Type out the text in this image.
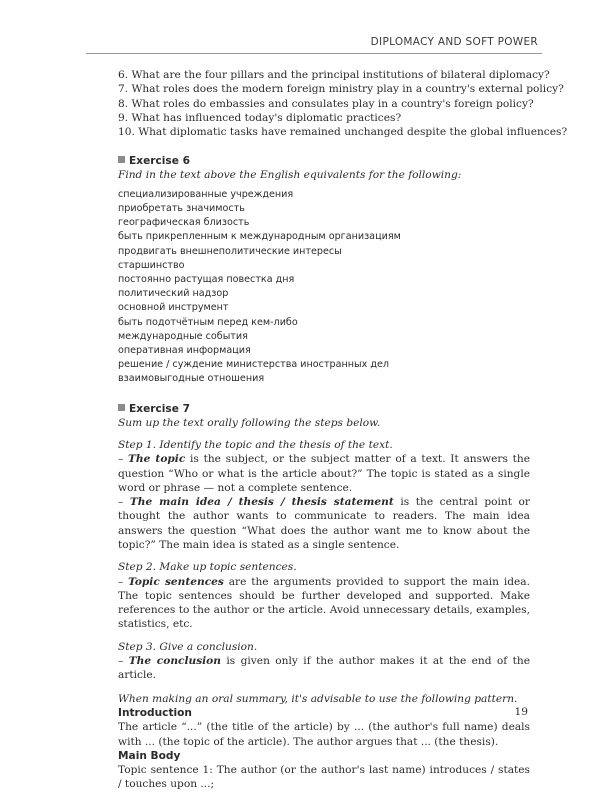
DIPLOMACY AND SOFT POWER
6. What are the four pillars and the principal institutions of bilateral diplomacy?
7. What roles does the modern foreign ministry play in a country's external policy?
8. What roles do embassies and consulates play in a country's foreign policy?
9. What has influenced today's diplomatic practices?
10. What diplomatic tasks have remained unchanged despite the global influences?
Exercise 6
Find in the text above the English equivalents for the following:
специализированные учреждения
приобретать значимость
географическая близость
быть прикрепленным к международным организациям
продвигать внешнеполитические интересы
старшинство
постоянно растущая повестка дня
политический надзор
основной инструмент
быть подотчётным перед кем-либо
международные события
оперативная информация
решение / суждение министерства иностранных дел
взаимовыгодные отношения
Exercise 7
Sum up the text orally following the steps below.
Step 1. Identify the topic and the thesis of the text.
– The topic is the subject, or the subject matter of a text. It answers the question “Who or what is the article about?” The topic is stated as a single word or phrase — not a complete sentence.
– The main idea / thesis / thesis statement is the central point or thought the author wants to communicate to readers. The main idea answers the question “What does the author want me to know about the topic?” The main idea is stated as a single sentence.
Step 2. Make up topic sentences.
– Topic sentences are the arguments provided to support the main idea. The topic sentences should be further developed and supported. Make references to the author or the article. Avoid unnecessary details, examples, statistics, etc.
Step 3. Give a conclusion.
– The conclusion is given only if the author makes it at the end of the article.
When making an oral summary, it's advisable to use the following pattern.
Introduction
The article “...” (the title of the article) by ... (the author's full name) deals with ... (the topic of the article). The author argues that ... (the thesis).
Main Body
Topic sentence 1: The author (or the author's last name) introduces / states / touches upon ...;
19
